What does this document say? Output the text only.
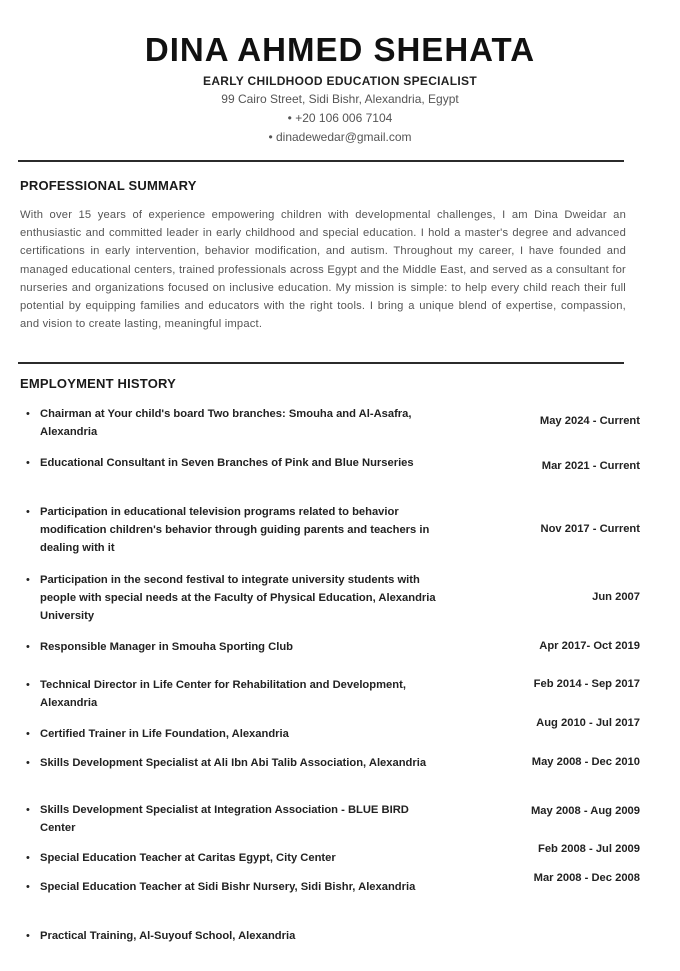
DINA AHMED SHEHATA
EARLY CHILDHOOD EDUCATION SPECIALIST
99 Cairo Street, Sidi Bishr, Alexandria, Egypt
• +20 106 006 7104
• dinadewedar@gmail.com
PROFESSIONAL SUMMARY
With over 15 years of experience empowering children with developmental challenges, I am Dina Dweidar an enthusiastic and committed leader in early childhood and special education. I hold a master's degree and advanced certifications in early intervention, behavior modification, and autism. Throughout my career, I have founded and managed educational centers, trained professionals across Egypt and the Middle East, and served as a consultant for nurseries and organizations focused on inclusive education. My mission is simple: to help every child reach their full potential by equipping families and educators with the right tools. I bring a unique blend of expertise, compassion, and vision to create lasting, meaningful impact.
EMPLOYMENT HISTORY
• Chairman at Your child's board Two branches: Smouha and Al-Asafra, Alexandria
May 2024 - Current
• Educational Consultant in Seven Branches of Pink and Blue Nurseries	Mar 2021 - Current
• Participation in educational television programs related to behavior modification children's behavior through guiding parents and teachers in dealing with it
Nov 2017 - Current
• Participation in the second festival to integrate university students with people with special needs at the Faculty of Physical Education, Alexandria University
Jun 2007
• Responsible Manager in Smouha Sporting Club	Apr 2017- Oct 2019
• Technical Director in Life Center for Rehabilitation and Development, Alexandria
Feb 2014 - Sep 2017
• Certified Trainer in Life Foundation, Alexandria
Aug 2010 - Jul 2017
• Skills Development Specialist at Ali Ibn Abi Talib Association, Alexandria	May 2008 - Dec 2010
• Skills Development Specialist at Integration Association - BLUE BIRD Center
May 2008 - Aug 2009
• Special Education Teacher at Caritas Egypt, City Center
Feb 2008 - Jul 2009
• Special Education Teacher at Sidi Bishr Nursery, Sidi Bishr, Alexandria
Mar 2008 - Dec 2008
• Practical Training, Al-Suyouf School, Alexandria
